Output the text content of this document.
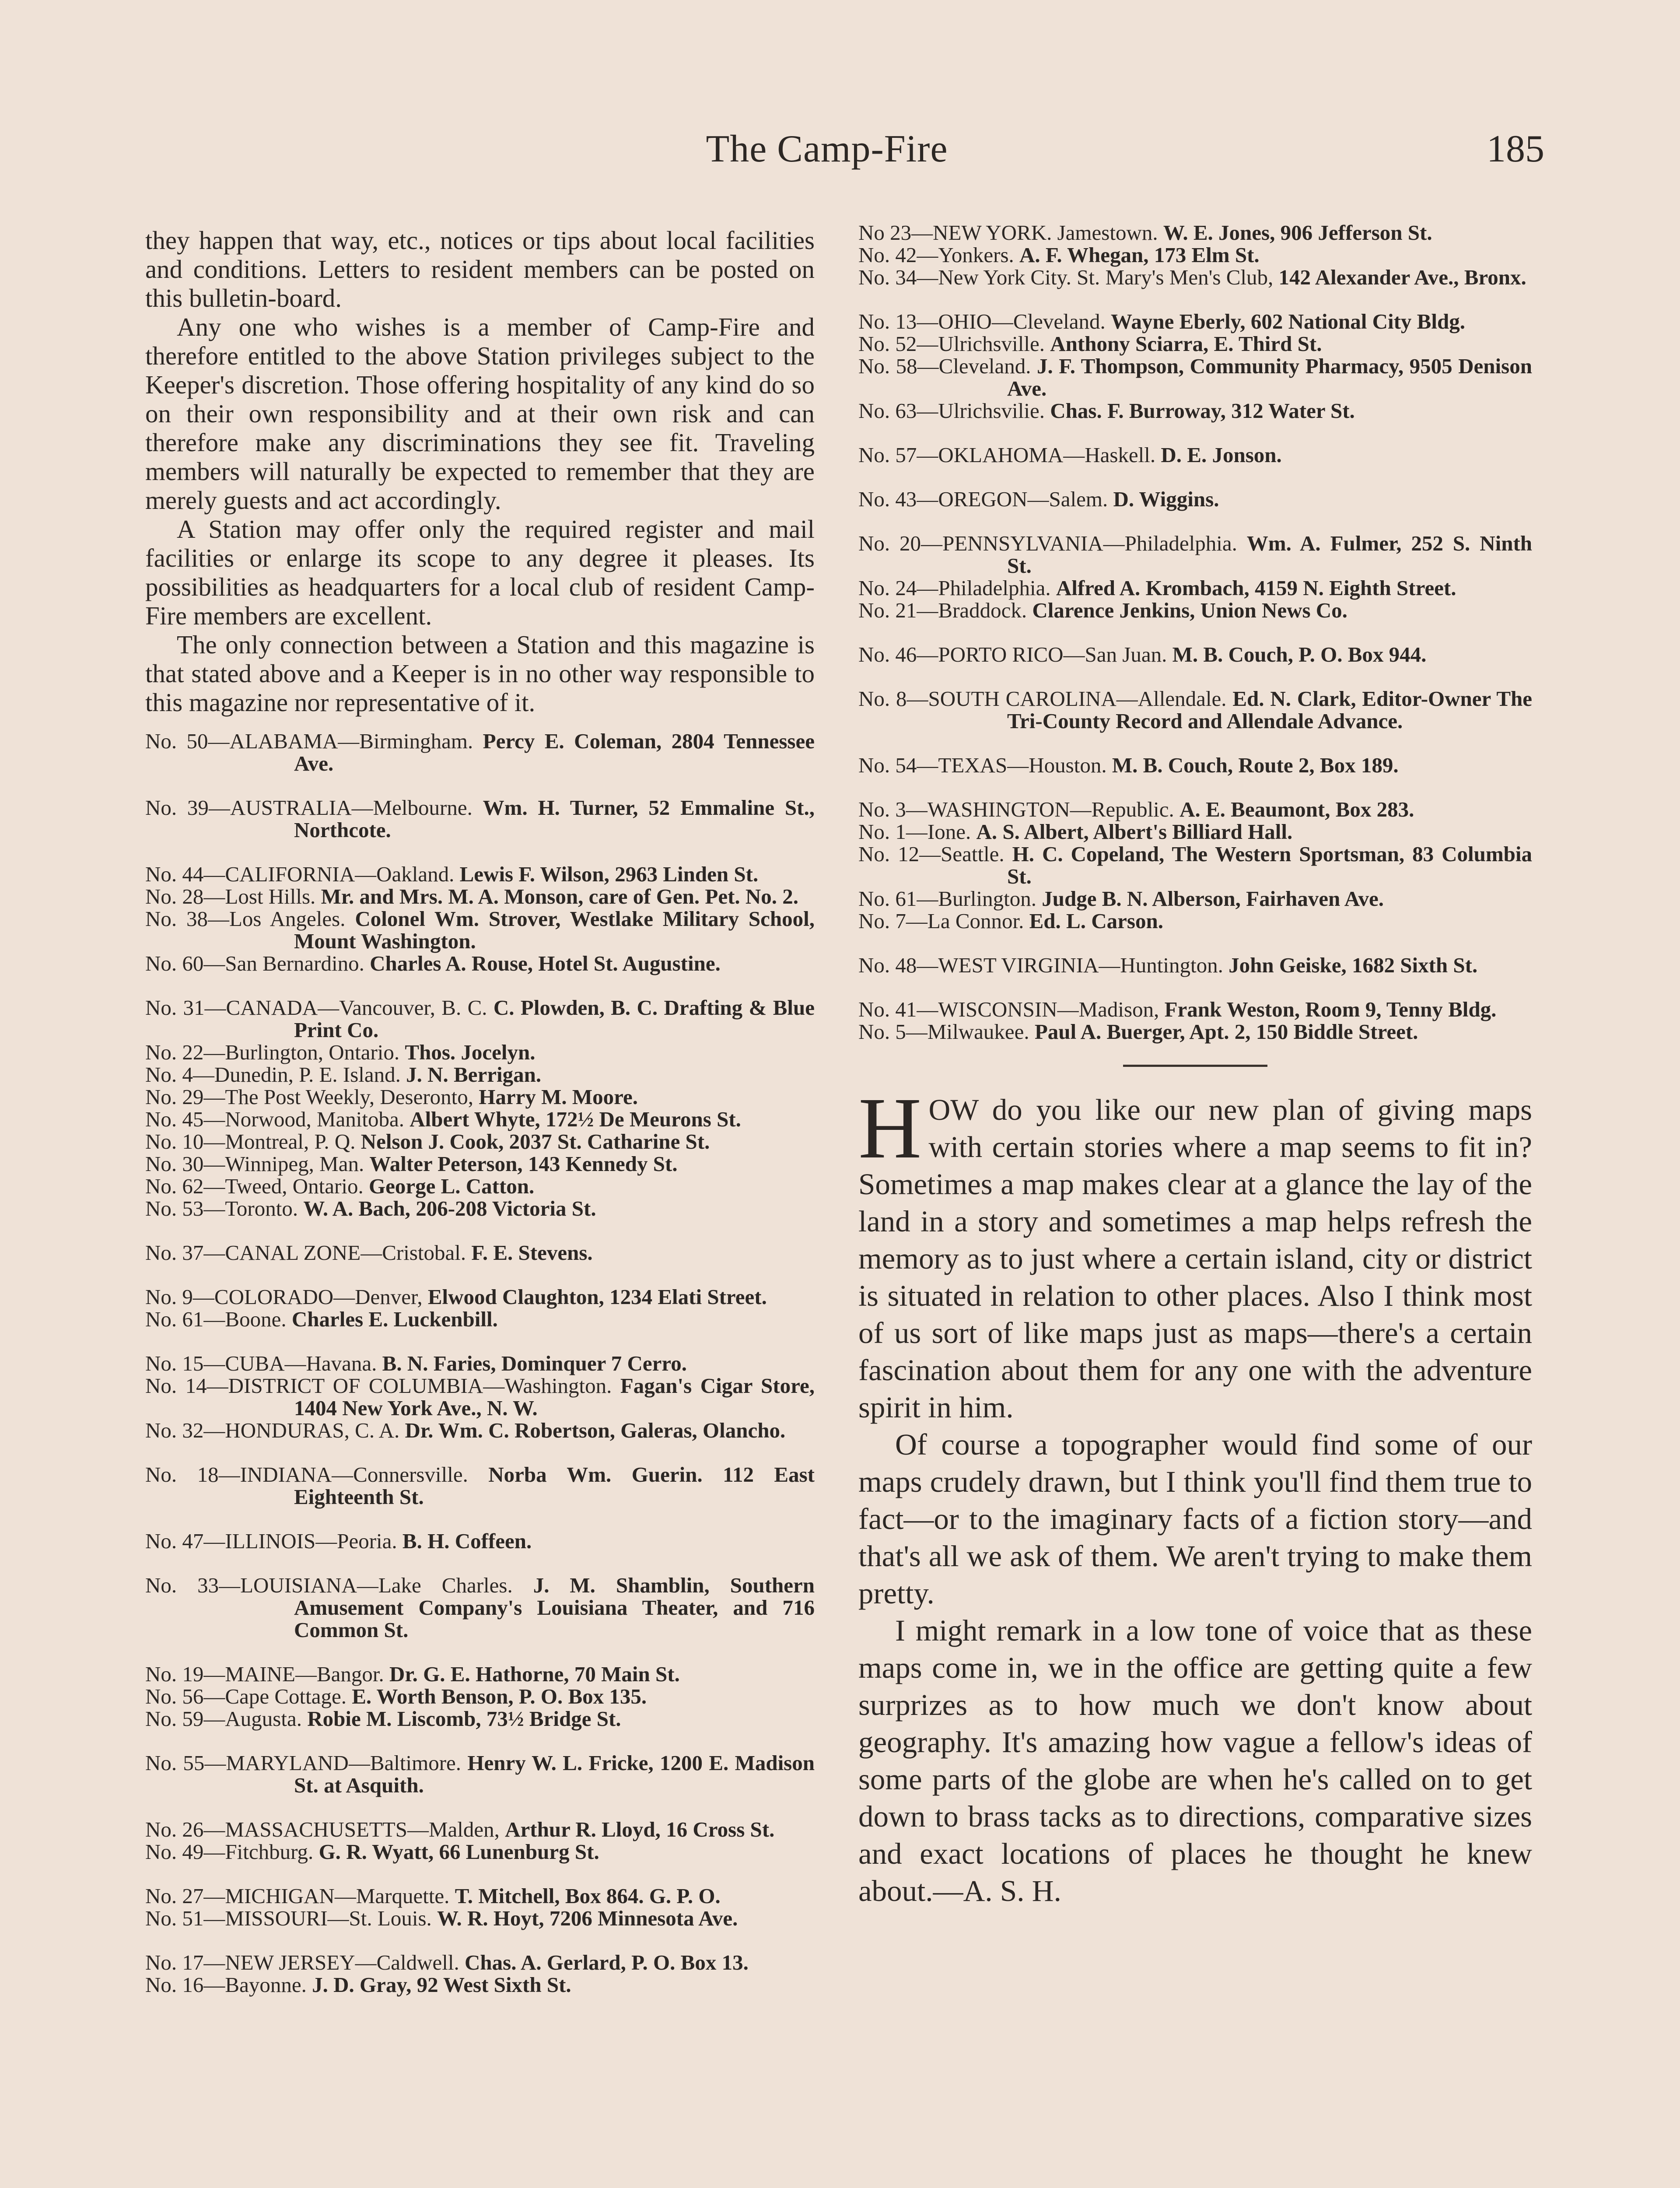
The Camp-Fire	185

they happen that way, etc., notices or tips about local facilities and conditions. Letters to resident members can be posted on this bulletin-board.

Any one who wishes is a member of Camp-Fire and therefore entitled to the above Station privileges subject to the Keeper's discretion. Those offering hospitality of any kind do so on their own responsibility and at their own risk and can therefore make any discriminations they see fit. Traveling members will naturally be expected to remember that they are merely guests and act accordingly.

A Station may offer only the required register and mail facilities or enlarge its scope to any degree it pleases. Its possibilities as headquarters for a local club of resident Camp-Fire members are excellent.

The only connection between a Station and this magazine is that stated above and a Keeper is in no other way responsible to this magazine nor representative of it.

No. 50—ALABAMA—Birmingham. Percy E. Coleman, 2804 Tennessee Ave.

No. 39—AUSTRALIA—Melbourne. Wm. H. Turner, 52 Emmaline St., Northcote.

No. 44—CALIFORNIA—Oakland. Lewis F. Wilson, 2963 Linden St.

No. 28—Lost Hills. Mr. and Mrs. M. A. Monson, care of Gen. Pet. No. 2.

No. 38—Los Angeles. Colonel Wm. Strover, Westlake Military School, Mount Washington.

No. 60—San Bernardino. Charles A. Rouse, Hotel St. Augustine.

No. 31—CANADA—Vancouver, B. C. C. Plowden, B. C. Drafting & Blue Print Co.

No. 22—Burlington, Ontario. Thos. Jocelyn.

No. 4—Dunedin, P. E. Island. J. N. Berrigan.

No. 29—The Post Weekly, Deseronto, Harry M. Moore.

No. 45—Norwood, Manitoba. Albert Whyte, 172½ De Meurons St.

No. 10—Montreal, P. Q. Nelson J. Cook, 2037 St. Catharine St.

No. 30—Winnipeg, Man. Walter Peterson, 143 Kennedy St.

No. 62—Tweed, Ontario. George L. Catton.

No. 53—Toronto. W. A. Bach, 206-208 Victoria St.

No. 37—CANAL ZONE—Cristobal. F. E. Stevens.

No. 9—COLORADO—Denver, Elwood Claughton, 1234 Elati Street.

No. 61—Boone. Charles E. Luckenbill.

No. 15—CUBA—Havana. B. N. Faries, Dominquer 7 Cerro.

No. 14—DISTRICT OF COLUMBIA—Washington. Fagan's Cigar Store, 1404 New York Ave., N. W.

No. 32—HONDURAS, C. A. Dr. Wm. C. Robertson, Galeras, Olancho.

No. 18—INDIANA—Connersville. Norba Wm. Guerin. 112 East Eighteenth St.

No. 47—ILLINOIS—Peoria. B. H. Coffeen.

No. 33—LOUISIANA—Lake Charles. J. M. Shamblin, Southern Amusement Company's Louisiana Theater, and 716 Common St.

No. 19—MAINE—Bangor. Dr. G. E. Hathorne, 70 Main St.

No. 56—Cape Cottage. E. Worth Benson, P. O. Box 135.

No. 59—Augusta. Robie M. Liscomb, 73½ Bridge St.

No. 55—MARYLAND—Baltimore. Henry W. L. Fricke, 1200 E. Madison St. at Asquith.

No. 26—MASSACHUSETTS—Malden, Arthur R. Lloyd, 16 Cross St.

No. 49—Fitchburg. G. R. Wyatt, 66 Lunenburg St.

No. 27—MICHIGAN—Marquette. T. Mitchell, Box 864. G. P. O.

No. 51—MISSOURI—St. Louis. W. R. Hoyt, 7206 Minnesota Ave.

No. 17—NEW JERSEY—Caldwell. Chas. A. Gerlard, P. O. Box 13.

No. 16—Bayonne. J. D. Gray, 92 West Sixth St.

No 23—NEW YORK. Jamestown. W. E. Jones, 906 Jefferson St.

No. 42—Yonkers. A. F. Whegan, 173 Elm St.

No. 34—New York City. St. Mary's Men's Club, 142 Alexander Ave., Bronx.

No. 13—OHIO—Cleveland. Wayne Eberly, 602 National City Bldg.

No. 52—Ulrichsville. Anthony Sciarra, E. Third St.

No. 58—Cleveland. J. F. Thompson, Community Pharmacy, 9505 Denison Ave.

No. 63—Ulrichsvilie. Chas. F. Burroway, 312 Water St.

No. 57—OKLAHOMA—Haskell. D. E. Jonson.

No. 43—OREGON—Salem. D. Wiggins.

No. 20—PENNSYLVANIA—Philadelphia. Wm. A. Fulmer, 252 S. Ninth St.

No. 24—Philadelphia. Alfred A. Krombach, 4159 N. Eighth Street.

No. 21—Braddock. Clarence Jenkins, Union News Co.

No. 46—PORTO RICO—San Juan. M. B. Couch, P. O. Box 944.

No. 8—SOUTH CAROLINA—Allendale. Ed. N. Clark, Editor-Owner The Tri-County Record and Allendale Advance.

No. 54—TEXAS—Houston. M. B. Couch, Route 2, Box 189.

No. 3—WASHINGTON—Republic. A. E. Beaumont, Box 283.

No. 1—Ione. A. S. Albert, Albert's Billiard Hall.

No. 12—Seattle. H. C. Copeland, The Western Sportsman, 83 Columbia St.

No. 61—Burlington. Judge B. N. Alberson, Fairhaven Ave.

No. 7—La Connor. Ed. L. Carson.

No. 48—WEST VIRGINIA—Huntington. John Geiske, 1682 Sixth St.

No. 41—WISCONSIN—Madison, Frank Weston, Room 9, Tenny Bldg.

No. 5—Milwaukee. Paul A. Buerger, Apt. 2, 150 Biddle Street.

HOW do you like our new plan of giving maps with certain stories where a map seems to fit in? Sometimes a map makes clear at a glance the lay of the land in a story and sometimes a map helps refresh the memory as to just where a certain island, city or district is situated in relation to other places. Also I think most of us sort of like maps just as maps—there's a certain fascination about them for any one with the adventure spirit in him.

Of course a topographer would find some of our maps crudely drawn, but I think you'll find them true to fact—or to the imaginary facts of a fiction story—and that's all we ask of them. We aren't trying to make them pretty.

I might remark in a low tone of voice that as these maps come in, we in the office are getting quite a few surprizes as to how much we don't know about geography. It's amazing how vague a fellow's ideas of some parts of the globe are when he's called on to get down to brass tacks as to directions, comparative sizes and exact locations of places he thought he knew about.—A. S. H.
